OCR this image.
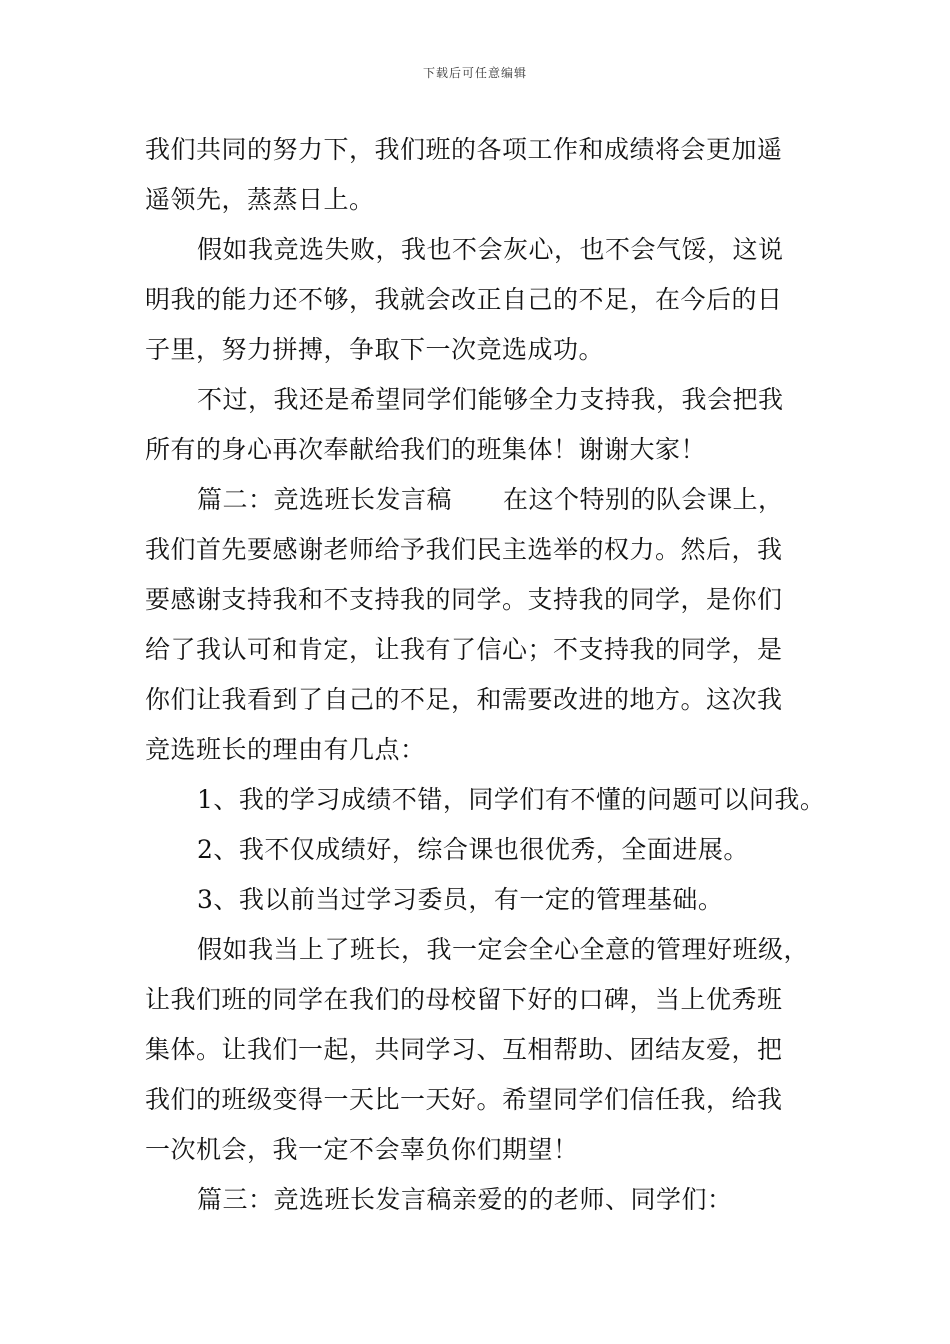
下载后可任意编辑
我们共同的努力下，我们班的各项工作和成绩将会更加遥
遥领先，蒸蒸日上。
假如我竞选失败，我也不会灰心，也不会气馁，这说
明我的能力还不够，我就会改正自己的不足，在今后的日
子里，努力拼搏，争取下一次竞选成功。
不过，我还是希望同学们能够全力支持我，我会把我
所有的身心再次奉献给我们的班集体！谢谢大家！
篇二：竞选班长发言稿　　在这个特别的队会课上，
我们首先要感谢老师给予我们民主选举的权力。然后，我
要感谢支持我和不支持我的同学。支持我的同学，是你们
给了我认可和肯定，让我有了信心；不支持我的同学，是
你们让我看到了自己的不足，和需要改进的地方。这次我
竞选班长的理由有几点：
1、我的学习成绩不错，同学们有不懂的问题可以问我。
2、我不仅成绩好，综合课也很优秀，全面进展。
3、我以前当过学习委员，有一定的管理基础。
假如我当上了班长，我一定会全心全意的管理好班级，
让我们班的同学在我们的母校留下好的口碑，当上优秀班
集体。让我们一起，共同学习、互相帮助、团结友爱，把
我们的班级变得一天比一天好。希望同学们信任我，给我
一次机会，我一定不会辜负你们期望！
篇三：竞选班长发言稿亲爱的的老师、同学们：
